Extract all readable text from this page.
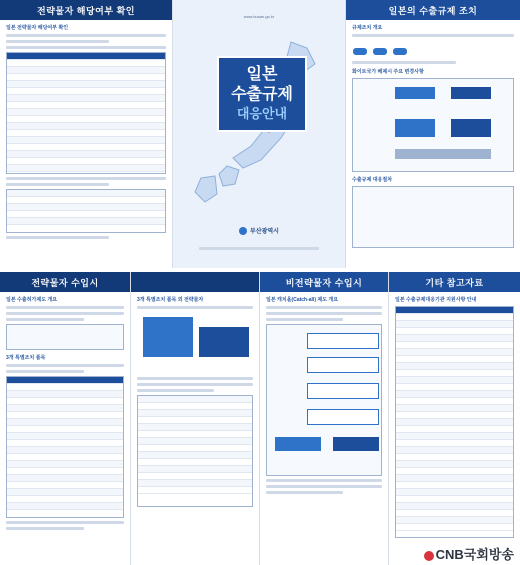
전략물자 해당여부 확인
일본 전략물자 해당여부 확인
www.busan.go.kr
일본
수출규제
대응안내
부산광역시
일본의 수출규제 조치
규제조치 개요

화이트국가 배제시 주요 변경사항
수출규제 대응절차
전략물자 수입시
일본 수출허가제도 개요
3개 특별조치 품목
3개 특별조치 품목 외 전략물자
비전략물자 수입시
일본 캐치올(Catch-all) 제도 개요
기타 참고자료
일본 수출규제대응기관 지원사항 안내
CNB국회방송
